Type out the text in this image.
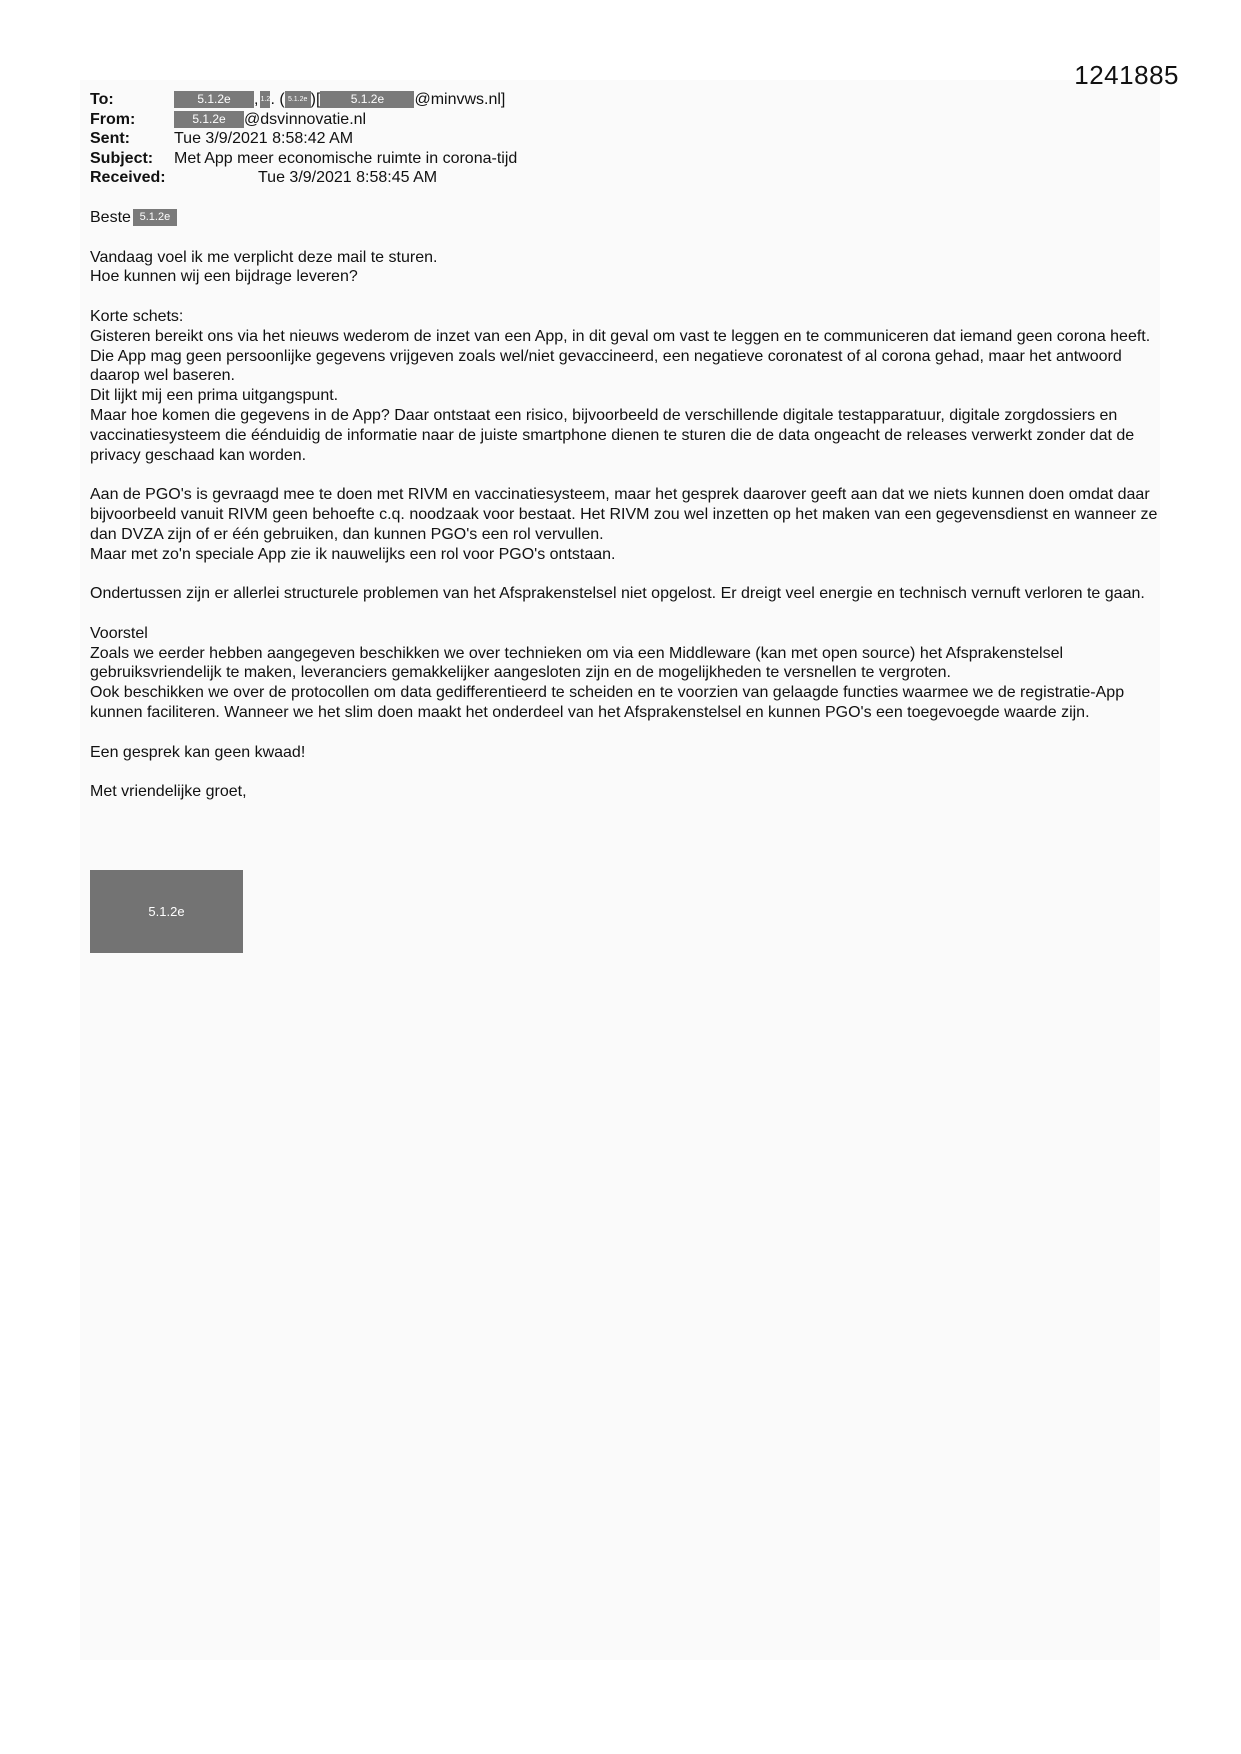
1241885
To:	5.1.2e	, 1.2 . ( 5.1.2e )[	5.1.2e	@minvws.nl]
From:	5.1.2e	@dsvinnovatie.nl
Sent:	Tue 3/9/2021 8:58:42 AM
Subject:	Met App meer economische ruimte in corona-tijd
Received:	Tue 3/9/2021 8:58:45 AM

Beste 5.1.2e

Vandaag voel ik me verplicht deze mail te sturen.
Hoe kunnen wij een bijdrage leveren?

Korte schets:
Gisteren bereikt ons via het nieuws wederom de inzet van een App, in dit geval om vast te leggen en te communiceren dat iemand geen corona heeft. Die App mag geen persoonlijke gegevens vrijgeven zoals wel/niet gevaccineerd, een negatieve coronatest of al corona gehad, maar het antwoord daarop wel baseren.
Dit lijkt mij een prima uitgangspunt.
Maar hoe komen die gegevens in de App? Daar ontstaat een risico, bijvoorbeeld de verschillende digitale testapparatuur, digitale zorgdossiers en vaccinatiesysteem die éénduidig de informatie naar de juiste smartphone dienen te sturen die de data ongeacht de releases verwerkt zonder dat de privacy geschaad kan worden.

Aan de PGO's is gevraagd mee te doen met RIVM en vaccinatiesysteem, maar het gesprek daarover geeft aan dat we niets kunnen doen omdat daar bijvoorbeeld vanuit RIVM geen behoefte c.q. noodzaak voor bestaat. Het RIVM zou wel inzetten op het maken van een gegevensdienst en wanneer ze dan DVZA zijn of er één gebruiken, dan kunnen PGO's een rol vervullen.
Maar met zo'n speciale App zie ik nauwelijks een rol voor PGO's ontstaan.

Ondertussen zijn er allerlei structurele problemen van het Afsprakenstelsel niet opgelost. Er dreigt veel energie en technisch vernuft verloren te gaan.

Voorstel
Zoals we eerder hebben aangegeven beschikken we over technieken om via een Middleware (kan met open source) het Afsprakenstelsel gebruiksvriendelijk te maken, leveranciers gemakkelijker aangesloten zijn en de mogelijkheden te versnellen te vergroten.
Ook beschikken we over de protocollen om data gedifferentieerd te scheiden en te voorzien van gelaagde functies waarmee we de registratie-App kunnen faciliteren. Wanneer we het slim doen maakt het onderdeel van het Afsprakenstelsel en kunnen PGO's een toegevoegde waarde zijn.

Een gesprek kan geen kwaad!

Met vriendelijke groet,

5.1.2e
